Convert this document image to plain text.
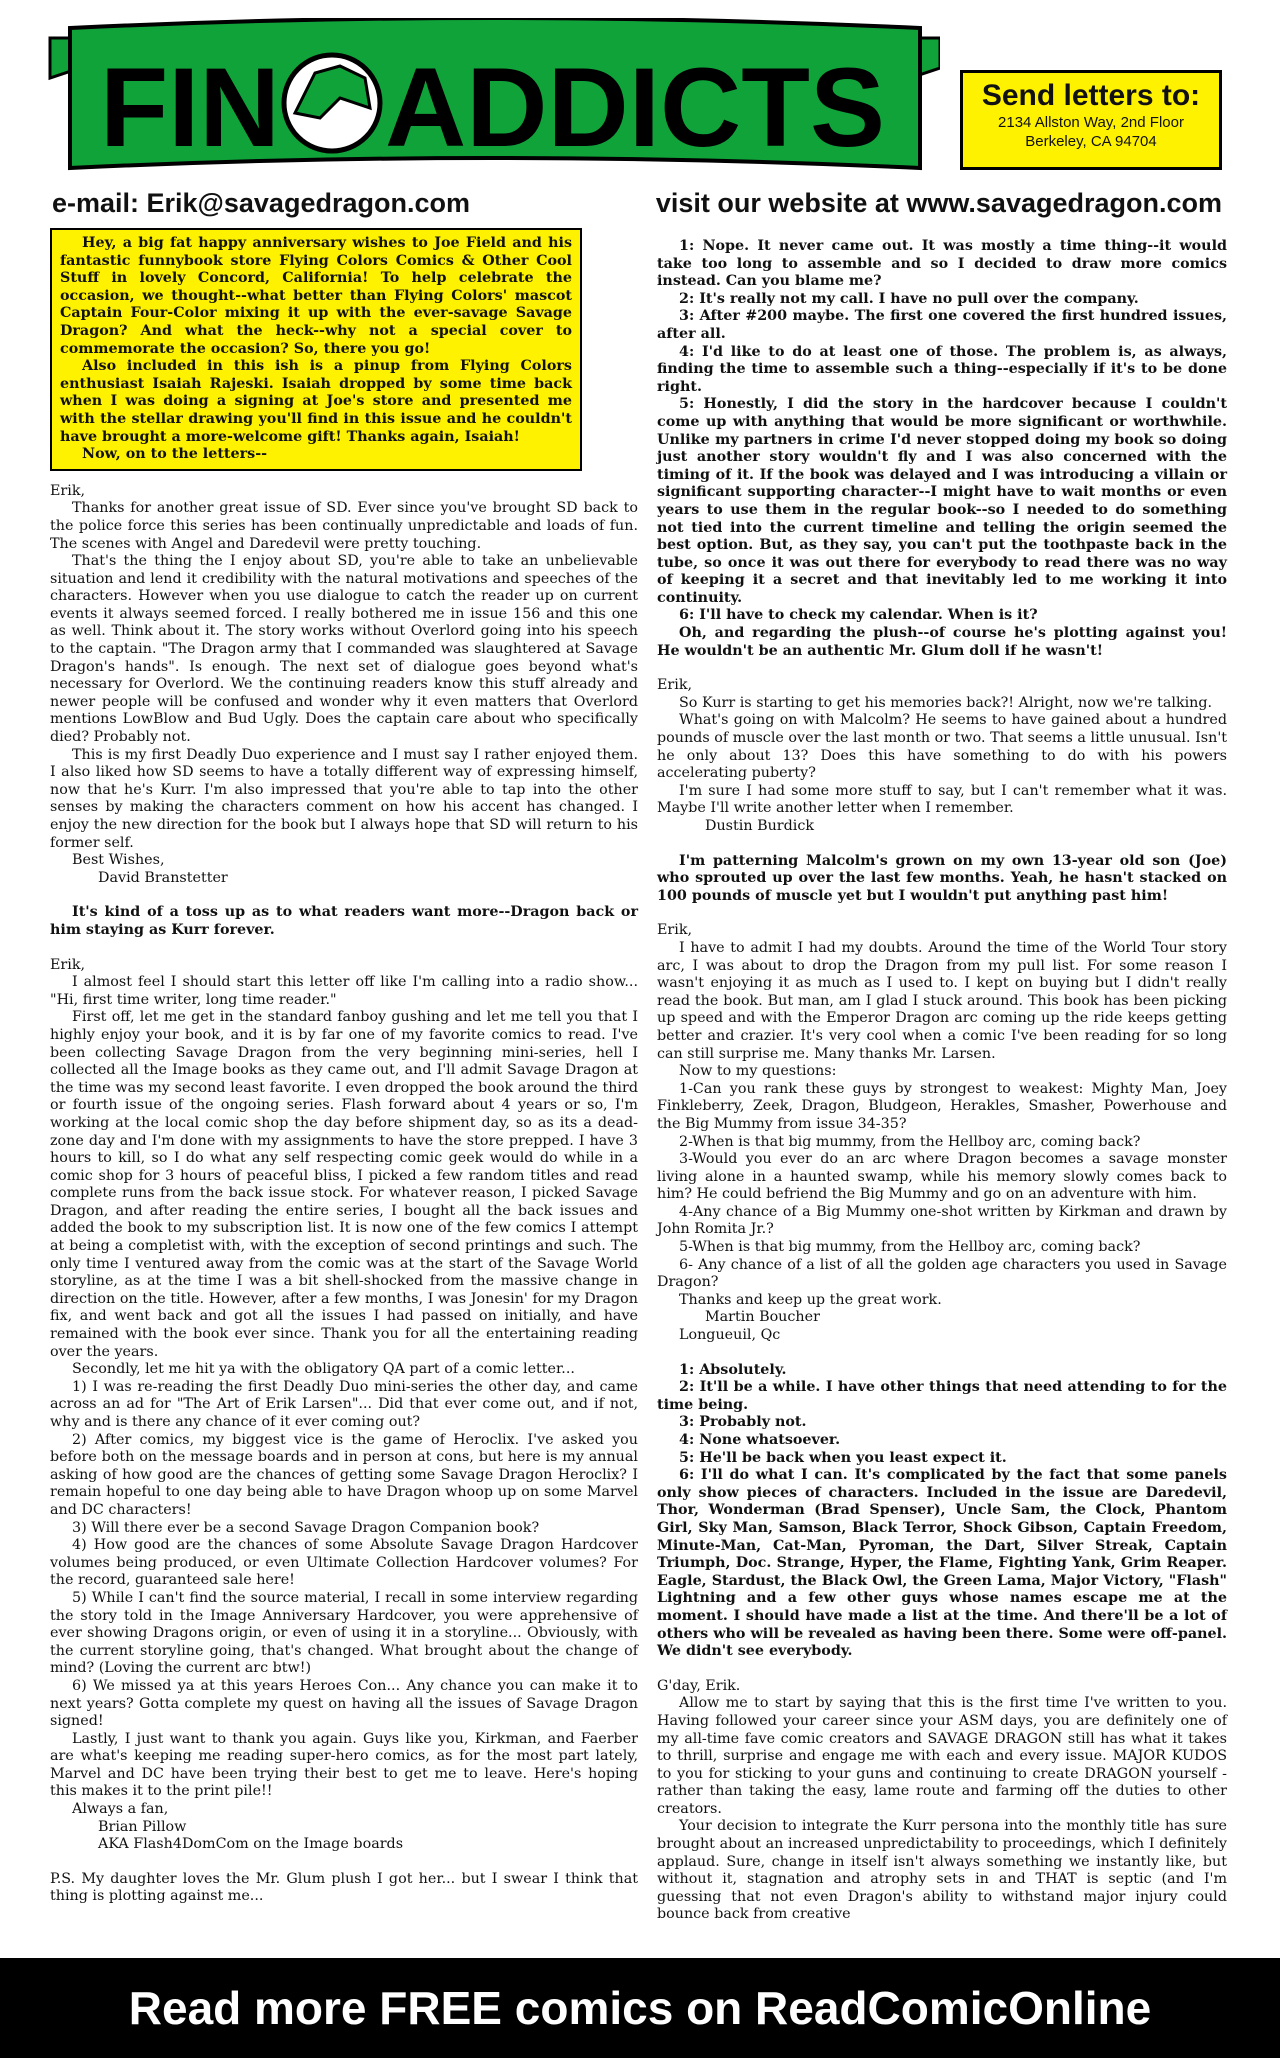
FIN ADDICTS	Send letters to:
2134 Allston Way, 2nd Floor
Berkeley, CA 94704
e-mail: Erik@savagedragon.com	visit our website at www.savagedragon.com

Hey, a big fat happy anniversary wishes to Joe Field and his fantastic funnybook store Flying Colors Comics & Other Cool Stuff in lovely Concord, California! To help celebrate the occasion, we thought--what better than Flying Colors' mascot Captain Four-Color mixing it up with the ever-savage Savage Dragon? And what the heck--why not a special cover to commemorate the occasion? So, there you go!

Also included in this ish is a pinup from Flying Colors enthusiast Isaiah Rajeski. Isaiah dropped by some time back when I was doing a signing at Joe's store and presented me with the stellar drawing you'll find in this issue and he couldn't have brought a more-welcome gift! Thanks again, Isaiah!

Now, on to the letters--

Erik,

Thanks for another great issue of SD. Ever since you've brought SD back to the police force this series has been continually unpredictable and loads of fun. The scenes with Angel and Daredevil were pretty touching.

That's the thing the I enjoy about SD, you're able to take an unbelievable situation and lend it credibility with the natural motivations and speeches of the characters. However when you use dialogue to catch the reader up on current events it always seemed forced. I really bothered me in issue 156 and this one as well. Think about it. The story works without Overlord going into his speech to the captain. "The Dragon army that I commanded was slaughtered at Savage Dragon's hands". Is enough. The next set of dialogue goes beyond what's necessary for Overlord. We the continuing readers know this stuff already and newer people will be confused and wonder why it even matters that Overlord mentions LowBlow and Bud Ugly. Does the captain care about who specifically died? Probably not.

This is my first Deadly Duo experience and I must say I rather enjoyed them. I also liked how SD seems to have a totally different way of expressing himself, now that he's Kurr. I'm also impressed that you're able to tap into the other senses by making the characters comment on how his accent has changed. I enjoy the new direction for the book but I always hope that SD will return to his former self.

Best Wishes,

David Branstetter

It's kind of a toss up as to what readers want more--Dragon back or him staying as Kurr forever.

Erik,

I almost feel I should start this letter off like I'm calling into a radio show... "Hi, first time writer, long time reader."

First off, let me get in the standard fanboy gushing and let me tell you that I highly enjoy your book, and it is by far one of my favorite comics to read. I've been collecting Savage Dragon from the very beginning mini-series, hell I collected all the Image books as they came out, and I'll admit Savage Dragon at the time was my second least favorite. I even dropped the book around the third or fourth issue of the ongoing series. Flash forward about 4 years or so, I'm working at the local comic shop the day before shipment day, so as its a dead-zone day and I'm done with my assignments to have the store prepped. I have 3 hours to kill, so I do what any self respecting comic geek would do while in a comic shop for 3 hours of peaceful bliss, I picked a few random titles and read complete runs from the back issue stock. For whatever reason, I picked Savage Dragon, and after reading the entire series, I bought all the back issues and added the book to my subscription list. It is now one of the few comics I attempt at being a completist with, with the exception of second printings and such. The only time I ventured away from the comic was at the start of the Savage World storyline, as at the time I was a bit shell-shocked from the massive change in direction on the title. However, after a few months, I was Jonesin' for my Dragon fix, and went back and got all the issues I had passed on initially, and have remained with the book ever since. Thank you for all the entertaining reading over the years.

Secondly, let me hit ya with the obligatory QA part of a comic letter...

1) I was re-reading the first Deadly Duo mini-series the other day, and came across an ad for "The Art of Erik Larsen"... Did that ever come out, and if not, why and is there any chance of it ever coming out?

2) After comics, my biggest vice is the game of Heroclix. I've asked you before both on the message boards and in person at cons, but here is my annual asking of how good are the chances of getting some Savage Dragon Heroclix? I remain hopeful to one day being able to have Dragon whoop up on some Marvel and DC characters!

3) Will there ever be a second Savage Dragon Companion book?

4) How good are the chances of some Absolute Savage Dragon Hardcover volumes being produced, or even Ultimate Collection Hardcover volumes? For the record, guaranteed sale here!

5) While I can't find the source material, I recall in some interview regarding the story told in the Image Anniversary Hardcover, you were apprehensive of ever showing Dragons origin, or even of using it in a storyline... Obviously, with the current storyline going, that's changed. What brought about the change of mind? (Loving the current arc btw!)

6) We missed ya at this years Heroes Con... Any chance you can make it to next years? Gotta complete my quest on having all the issues of Savage Dragon signed!

Lastly, I just want to thank you again. Guys like you, Kirkman, and Faerber are what's keeping me reading super-hero comics, as for the most part lately, Marvel and DC have been trying their best to get me to leave. Here's hoping this makes it to the print pile!!

Always a fan,

Brian Pillow

AKA Flash4DomCom on the Image boards

P.S. My daughter loves the Mr. Glum plush I got her... but I swear I think that thing is plotting against me...

1: Nope. It never came out. It was mostly a time thing--it would take too long to assemble and so I decided to draw more comics instead. Can you blame me?

2: It's really not my call. I have no pull over the company.

3: After #200 maybe. The first one covered the first hundred issues, after all.

4: I'd like to do at least one of those. The problem is, as always, finding the time to assemble such a thing--especially if it's to be done right.

5: Honestly, I did the story in the hardcover because I couldn't come up with anything that would be more significant or worthwhile. Unlike my partners in crime I'd never stopped doing my book so doing just another story wouldn't fly and I was also concerned with the timing of it. If the book was delayed and I was introducing a villain or significant supporting character--I might have to wait months or even years to use them in the regular book--so I needed to do something not tied into the current timeline and telling the origin seemed the best option. But, as they say, you can't put the toothpaste back in the tube, so once it was out there for everybody to read there was no way of keeping it a secret and that inevitably led to me working it into continuity.

6: I'll have to check my calendar. When is it?

Oh, and regarding the plush--of course he's plotting against you! He wouldn't be an authentic Mr. Glum doll if he wasn't!

Erik,

So Kurr is starting to get his memories back?! Alright, now we're talking.

What's going on with Malcolm? He seems to have gained about a hundred pounds of muscle over the last month or two. That seems a little unusual. Isn't he only about 13? Does this have something to do with his powers accelerating puberty?

I'm sure I had some more stuff to say, but I can't remember what it was. Maybe I'll write another letter when I remember.

Dustin Burdick

I'm patterning Malcolm's grown on my own 13-year old son (Joe) who sprouted up over the last few months. Yeah, he hasn't stacked on 100 pounds of muscle yet but I wouldn't put anything past him!

Erik,

I have to admit I had my doubts. Around the time of the World Tour story arc, I was about to drop the Dragon from my pull list. For some reason I wasn't enjoying it as much as I used to. I kept on buying but I didn't really read the book. But man, am I glad I stuck around. This book has been picking up speed and with the Emperor Dragon arc coming up the ride keeps getting better and crazier. It's very cool when a comic I've been reading for so long can still surprise me. Many thanks Mr. Larsen.

Now to my questions:

1-Can you rank these guys by strongest to weakest: Mighty Man, Joey Finkleberry, Zeek, Dragon, Bludgeon, Herakles, Smasher, Powerhouse and the Big Mummy from issue 34-35?

2-When is that big mummy, from the Hellboy arc, coming back?

3-Would you ever do an arc where Dragon becomes a savage monster living alone in a haunted swamp, while his memory slowly comes back to him? He could befriend the Big Mummy and go on an adventure with him.

4-Any chance of a Big Mummy one-shot written by Kirkman and drawn by John Romita Jr.?

5-When is that big mummy, from the Hellboy arc, coming back?

6- Any chance of a list of all the golden age characters you used in Savage Dragon?

Thanks and keep up the great work.

Martin Boucher

Longueuil, Qc

1: Absolutely.

2: It'll be a while. I have other things that need attending to for the time being.

3: Probably not.

4: None whatsoever.

5: He'll be back when you least expect it.

6: I'll do what I can. It's complicated by the fact that some panels only show pieces of characters. Included in the issue are Daredevil, Thor, Wonderman (Brad Spenser), Uncle Sam, the Clock, Phantom Girl, Sky Man, Samson, Black Terror, Shock Gibson, Captain Freedom, Minute-Man, Cat-Man, Pyroman, the Dart, Silver Streak, Captain Triumph, Doc. Strange, Hyper, the Flame, Fighting Yank, Grim Reaper. Eagle, Stardust, the Black Owl, the Green Lama, Major Victory, "Flash" Lightning and a few other guys whose names escape me at the moment. I should have made a list at the time. And there'll be a lot of others who will be revealed as having been there. Some were off-panel. We didn't see everybody.

G'day, Erik.

Allow me to start by saying that this is the first time I've written to you. Having followed your career since your ASM days, you are definitely one of my all-time fave comic creators and SAVAGE DRAGON still has what it takes to thrill, surprise and engage me with each and every issue. MAJOR KUDOS to you for sticking to your guns and continuing to create DRAGON yourself - rather than taking the easy, lame route and farming off the duties to other creators.

Your decision to integrate the Kurr persona into the monthly title has sure brought about an increased unpredictability to proceedings, which I definitely applaud. Sure, change in itself isn't always something we instantly like, but without it, stagnation and atrophy sets in and THAT is septic (and I'm guessing that not even Dragon's ability to withstand major injury could bounce back from creative

Read more FREE comics on ReadComicOnline
